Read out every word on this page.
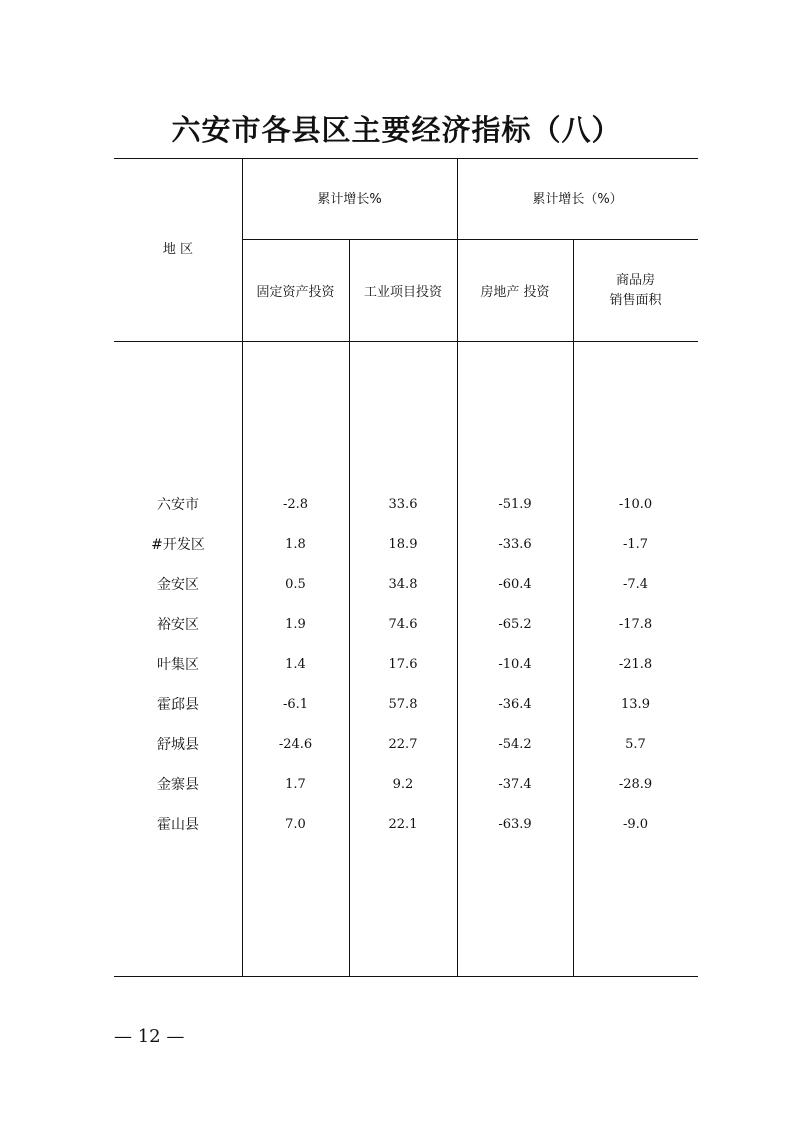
六安市各县区主要经济指标（八）
地 区
累计增长%	累计增长（%）
固定资产投资	工业项目投资	房地产 投资
商品房
销售面积
六安市	-2.8	33.6	-51.9	-10.0
#开发区	1.8	18.9	-33.6	-1.7
金安区	0.5	34.8	-60.4	-7.4
裕安区	1.9	74.6	-65.2	-17.8
叶集区	1.4	17.6	-10.4	-21.8
霍邱县	-6.1	57.8	-36.4	13.9
舒城县	-24.6	22.7	-54.2	5.7
金寨县	1.7	9.2	-37.4	-28.9
霍山县	7.0	22.1	-63.9	-9.0
— 12 —
